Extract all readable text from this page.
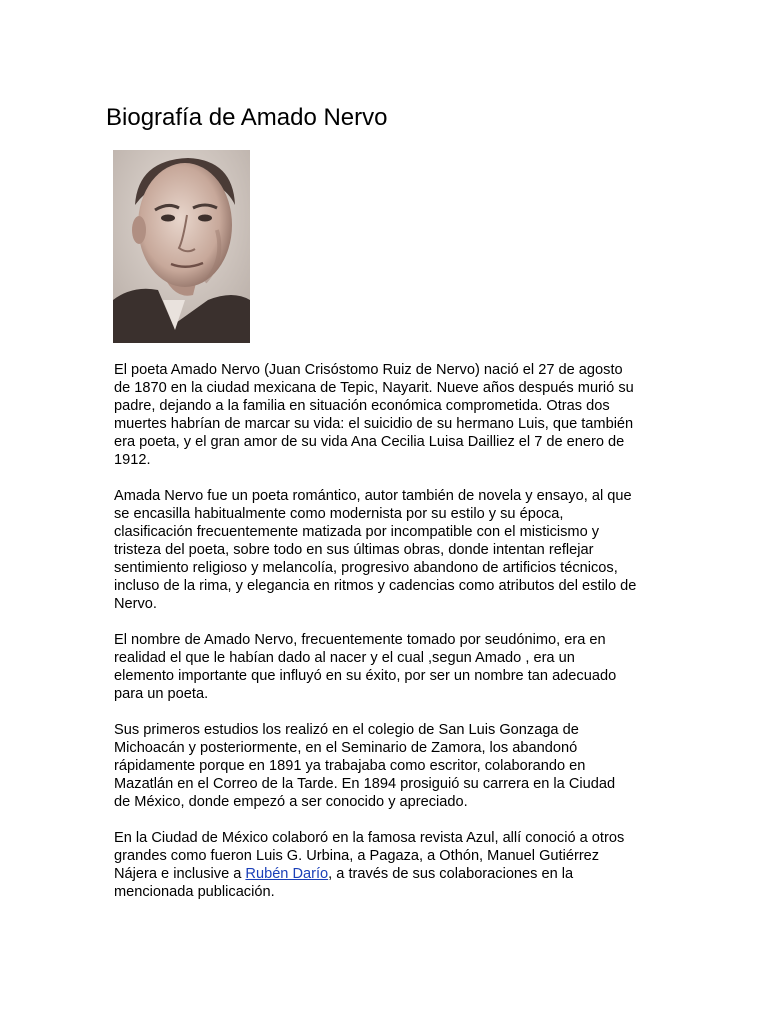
Biografía de Amado Nervo

El poeta Amado Nervo (Juan Crisóstomo Ruiz de Nervo) nació el 27 de agosto
de 1870 en la ciudad mexicana de Tepic, Nayarit. Nueve años después murió su
padre, dejando a la familia en situación económica comprometida. Otras dos
muertes habrían de marcar su vida: el suicidio de su hermano Luis, que también
era poeta, y el gran amor de su vida Ana Cecilia Luisa Dailliez el 7 de enero de
1912.

Amada Nervo fue un poeta romántico, autor también de novela y ensayo, al que
se encasilla habitualmente como modernista por su estilo y su época,
clasificación frecuentemente matizada por incompatible con el misticismo y
tristeza del poeta, sobre todo en sus últimas obras, donde intentan reflejar
sentimiento religioso y melancolía, progresivo abandono de artificios técnicos,
incluso de la rima, y elegancia en ritmos y cadencias como atributos del estilo de
Nervo.

El nombre de Amado Nervo, frecuentemente tomado por seudónimo, era en
realidad el que le habían dado al nacer y el cual ,segun Amado , era un
elemento importante que influyó en su éxito, por ser un nombre tan adecuado
para un poeta.

Sus primeros estudios los realizó en el colegio de San Luis Gonzaga de
Michoacán y posteriormente, en el Seminario de Zamora, los abandonó
rápidamente porque en 1891 ya trabajaba como escritor, colaborando en
Mazatlán en el Correo de la Tarde. En 1894 prosiguió su carrera en la Ciudad
de México, donde empezó a ser conocido y apreciado.

En la Ciudad de México colaboró en la famosa revista Azul, allí conoció a otros
grandes como fueron Luis G. Urbina, a Pagaza, a Othón, Manuel Gutiérrez
Nájera e inclusive a Rubén Darío, a través de sus colaboraciones en la
mencionada publicación.
